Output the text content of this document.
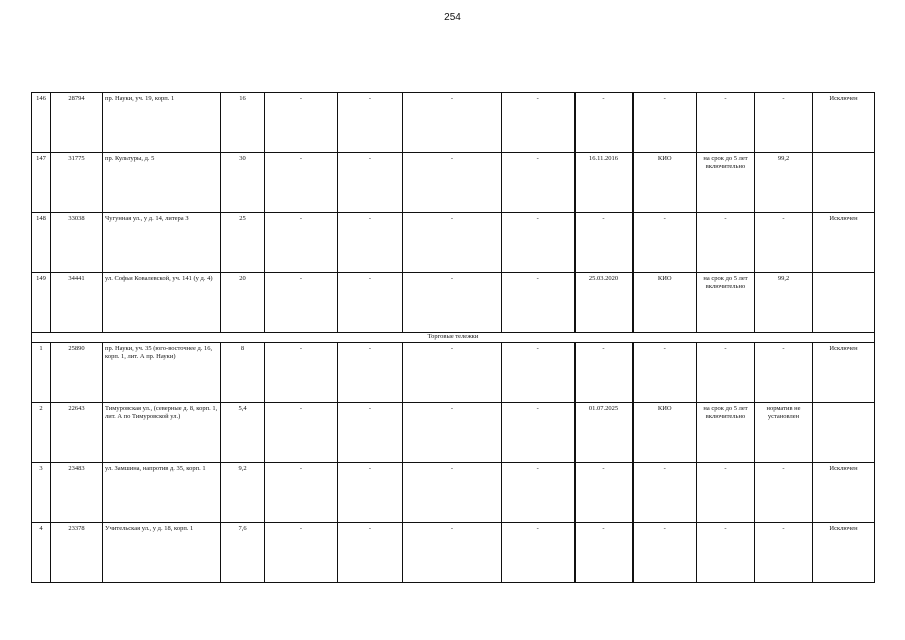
254
146	28794	пр. Науки, уч. 19, корп. 1	16	-	-	-	-	-	-	-	-	Исключен
147	31775	пр. Культуры, д. 5	30	-	-	-	-	16.11.2016	КИО	на срок до 5 лет включительно	99,2	
148	33038	Чугунная ул., у д. 14, литера З	25	-	-	-	-	-	-	-	-	Исключен
149	34441	ул. Софьи Ковалевской, уч. 141 (у д. 4)	20	-	-	-	-	25.03.2020	КИО	на срок до 5 лет включительно	99,2	
Торговые тележки												
1	25890	пр. Науки, уч. 35 (юго-восточнее д. 16, корп. 1, лит. А пр. Науки)	8	-	-	-	-	-	-	-	-	Исключен
2	22643	Тимуровская ул., (северные д. 8, корп. 1, лит. А по Тимуровской ул.)	5,4	-	-	-	-	01.07.2025	КИО	на срок до 5 лет включительно	норматив не установлен	
3	23483	ул. Замшина, напротив д. 35, корп. 1	9,2	-	-	-	-	-	-	-	-	Исключен
4	23378	Учительская ул., у д. 18, корп. 1	7,6	-	-	-	-	-	-	-	-	Исключен
